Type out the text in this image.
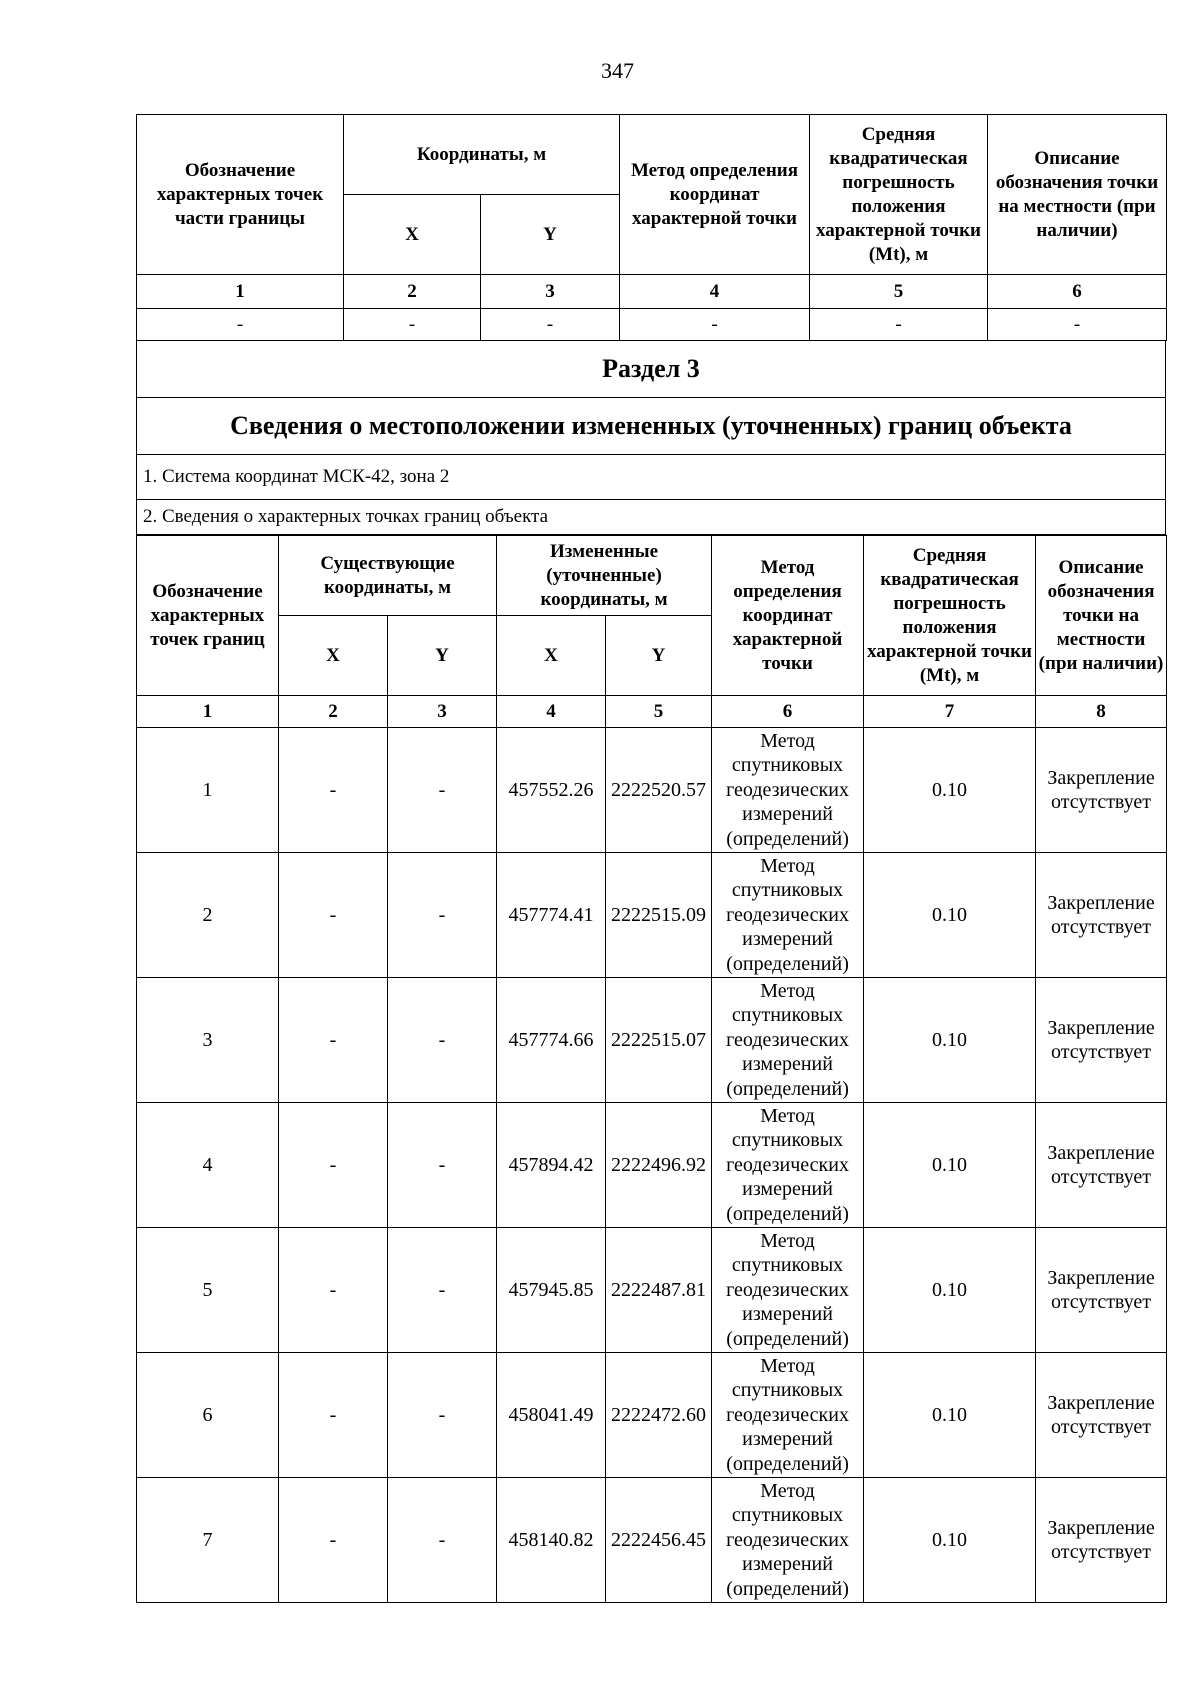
347
Обозначение характерных точек части границы	Координаты, м		Метод определения координат характерной точки	Средняя квадратическая погрешность положения характерной точки (Mt), м	Описание обозначения точки на местности (при наличии)
	X	Y			
1	2	3	4	5	6
-	-	-	-	-	-
Раздел 3
Сведения о местоположении измененных (уточненных) границ объекта
1. Система координат МСК-42, зона 2
2. Сведения о характерных точках границ объекта
Обозначение характерных точек границ	Существующие координаты, м		Измененные (уточненные) координаты, м		Метод определения координат характерной точки	Средняя квадратическая погрешность положения характерной точки (Mt), м	Описание обозначения точки на местности (при наличии)
	X	Y	X	Y			
1	2	3	4	5	6	7	8
1	-	-	457552.26	2222520.57	Метод спутниковых геодезических измерений (определений)	0.10	Закрепление отсутствует
2	-	-	457774.41	2222515.09	Метод спутниковых геодезических измерений (определений)	0.10	Закрепление отсутствует
3	-	-	457774.66	2222515.07	Метод спутниковых геодезических измерений (определений)	0.10	Закрепление отсутствует
4	-	-	457894.42	2222496.92	Метод спутниковых геодезических измерений (определений)	0.10	Закрепление отсутствует
5	-	-	457945.85	2222487.81	Метод спутниковых геодезических измерений (определений)	0.10	Закрепление отсутствует
6	-	-	458041.49	2222472.60	Метод спутниковых геодезических измерений (определений)	0.10	Закрепление отсутствует
7	-	-	458140.82	2222456.45	Метод спутниковых геодезических измерений (определений)	0.10	Закрепление отсутствует
